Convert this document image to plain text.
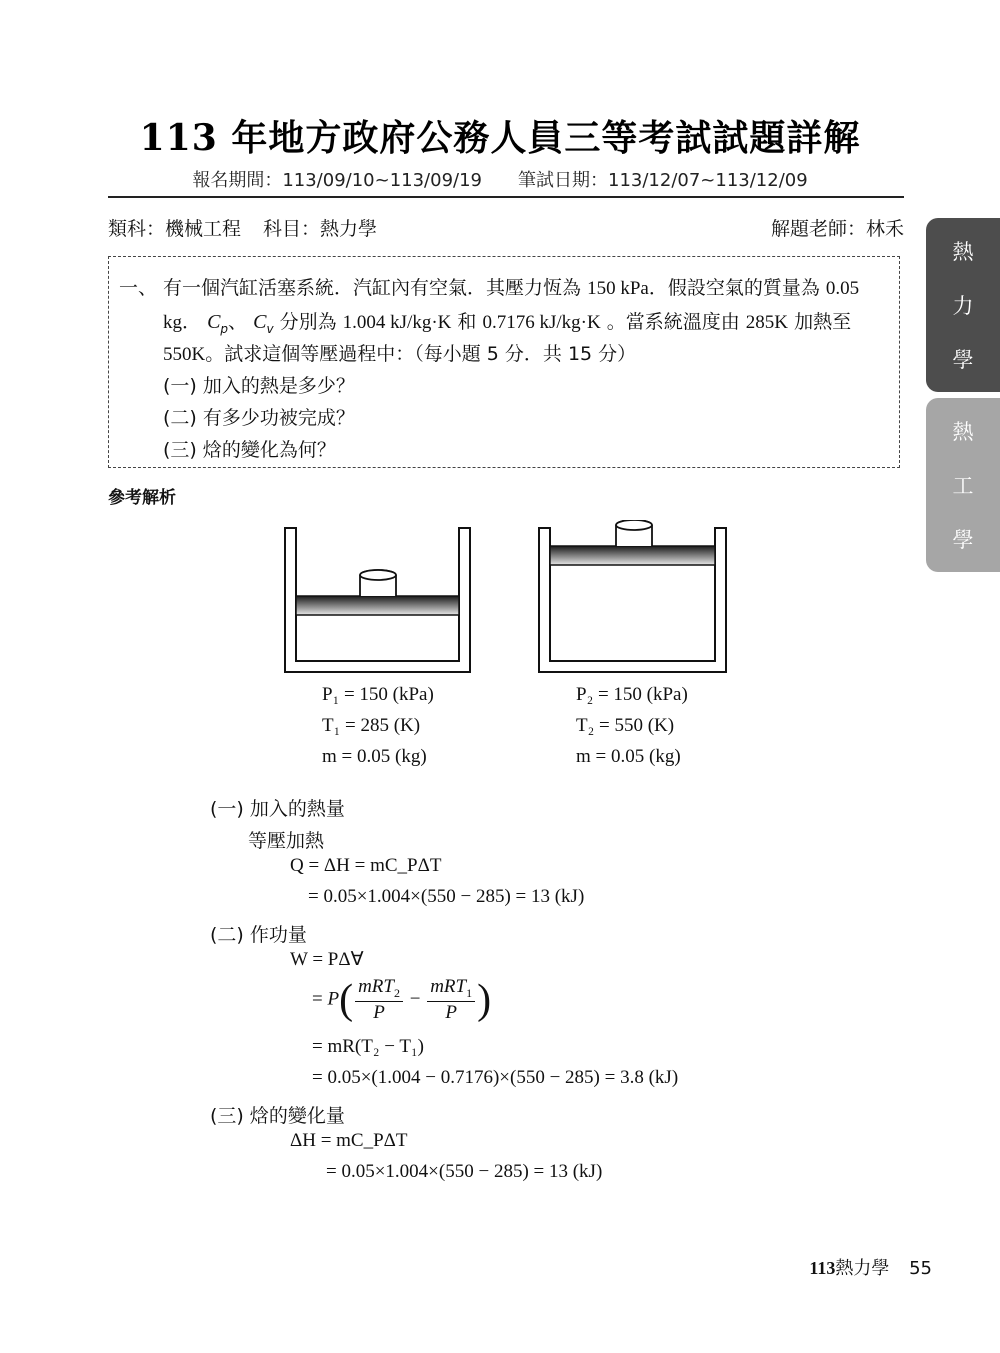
113 年地方政府公務人員三等考試試題詳解
報名期間：113/09/10~113/09/19 筆試日期：113/12/07~113/12/09
類科：機械工程 科目：熱力學	解題老師：林禾
熱
力
學
熱
工
學
一、 有一個汽缸活塞系統．汽缸內有空氣．其壓力恆為 150 kPa．假設空氣的質量為 0.05
kg． $C_p$、 $C_v$ 分別為 1.004 kJ/kg·K 和 0.7176 kJ/kg·K 。當系統溫度由 285K 加熱至
550K。試求這個等壓過程中：（每小題 5 分．共 15 分）
(一) 加入的熱是多少？
(二) 有多少功被完成？
(三) 焓的變化為何？
參考解析
P₁ = 150 (kPa)
T₁ = 285 (K)
m = 0.05 (kg)
P₂ = 150 (kPa)
T₂ = 550 (K)
m = 0.05 (kg)
(一) 加入的熱量
等壓加熱
Q = ΔH = mC_PΔT
= 0.05×1.004×(550 − 285) = 13 (kJ)
(二) 作功量
W = PΔ∀
= $P( \frac{mRT_2}{P} - \frac{mRT_1}{P}$ )
= mR(T₂ − T₁)
= 0.05×(1.004 − 0.7176)×(550 − 285) = 3.8 (kJ)
(三) 焓的變化量
ΔH = mC_PΔT
= 0.05×1.004×(550 − 285) = 13 (kJ)
113熱力學 55
